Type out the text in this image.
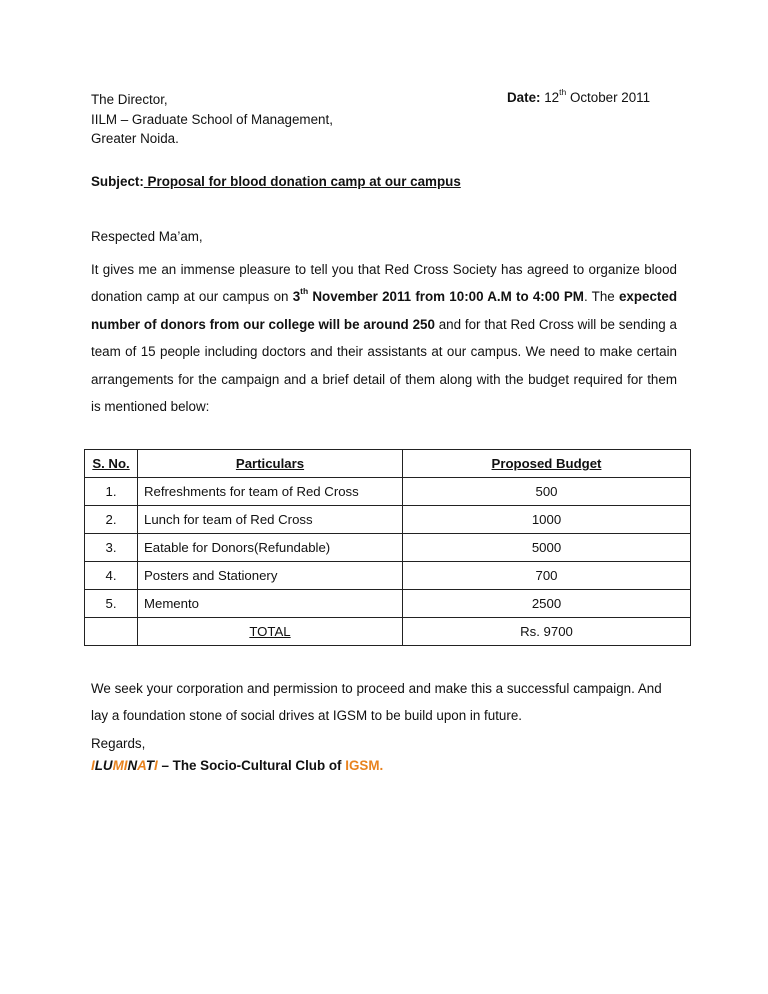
The Director,
IILM – Graduate School of Management,
Greater Noida.
Date: 12th October 2011
Subject: Proposal for blood donation camp at our campus
Respected Ma’am,
It gives me an immense pleasure to tell you that Red Cross Society has agreed to organize blood donation camp at our campus on 3th November 2011 from 10:00 A.M to 4:00 PM. The expected number of donors from our college will be around 250 and for that Red Cross will be sending a team of 15 people including doctors and their assistants at our campus. We need to make certain arrangements for the campaign and a brief detail of them along with the budget required for them is mentioned below:
S. No.	Particulars	Proposed Budget
1.	Refreshments for team of Red Cross	500
2.	Lunch for team of Red Cross	1000
3.	Eatable for Donors(Refundable)	5000
4.	Posters and Stationery	700
5.	Memento	2500
	TOTAL	Rs. 9700
We seek your corporation and permission to proceed and make this a successful campaign. And lay a foundation stone of social drives at IGSM to be build upon in future.
Regards,
ILUMINATI – The Socio-Cultural Club of IGSM.
